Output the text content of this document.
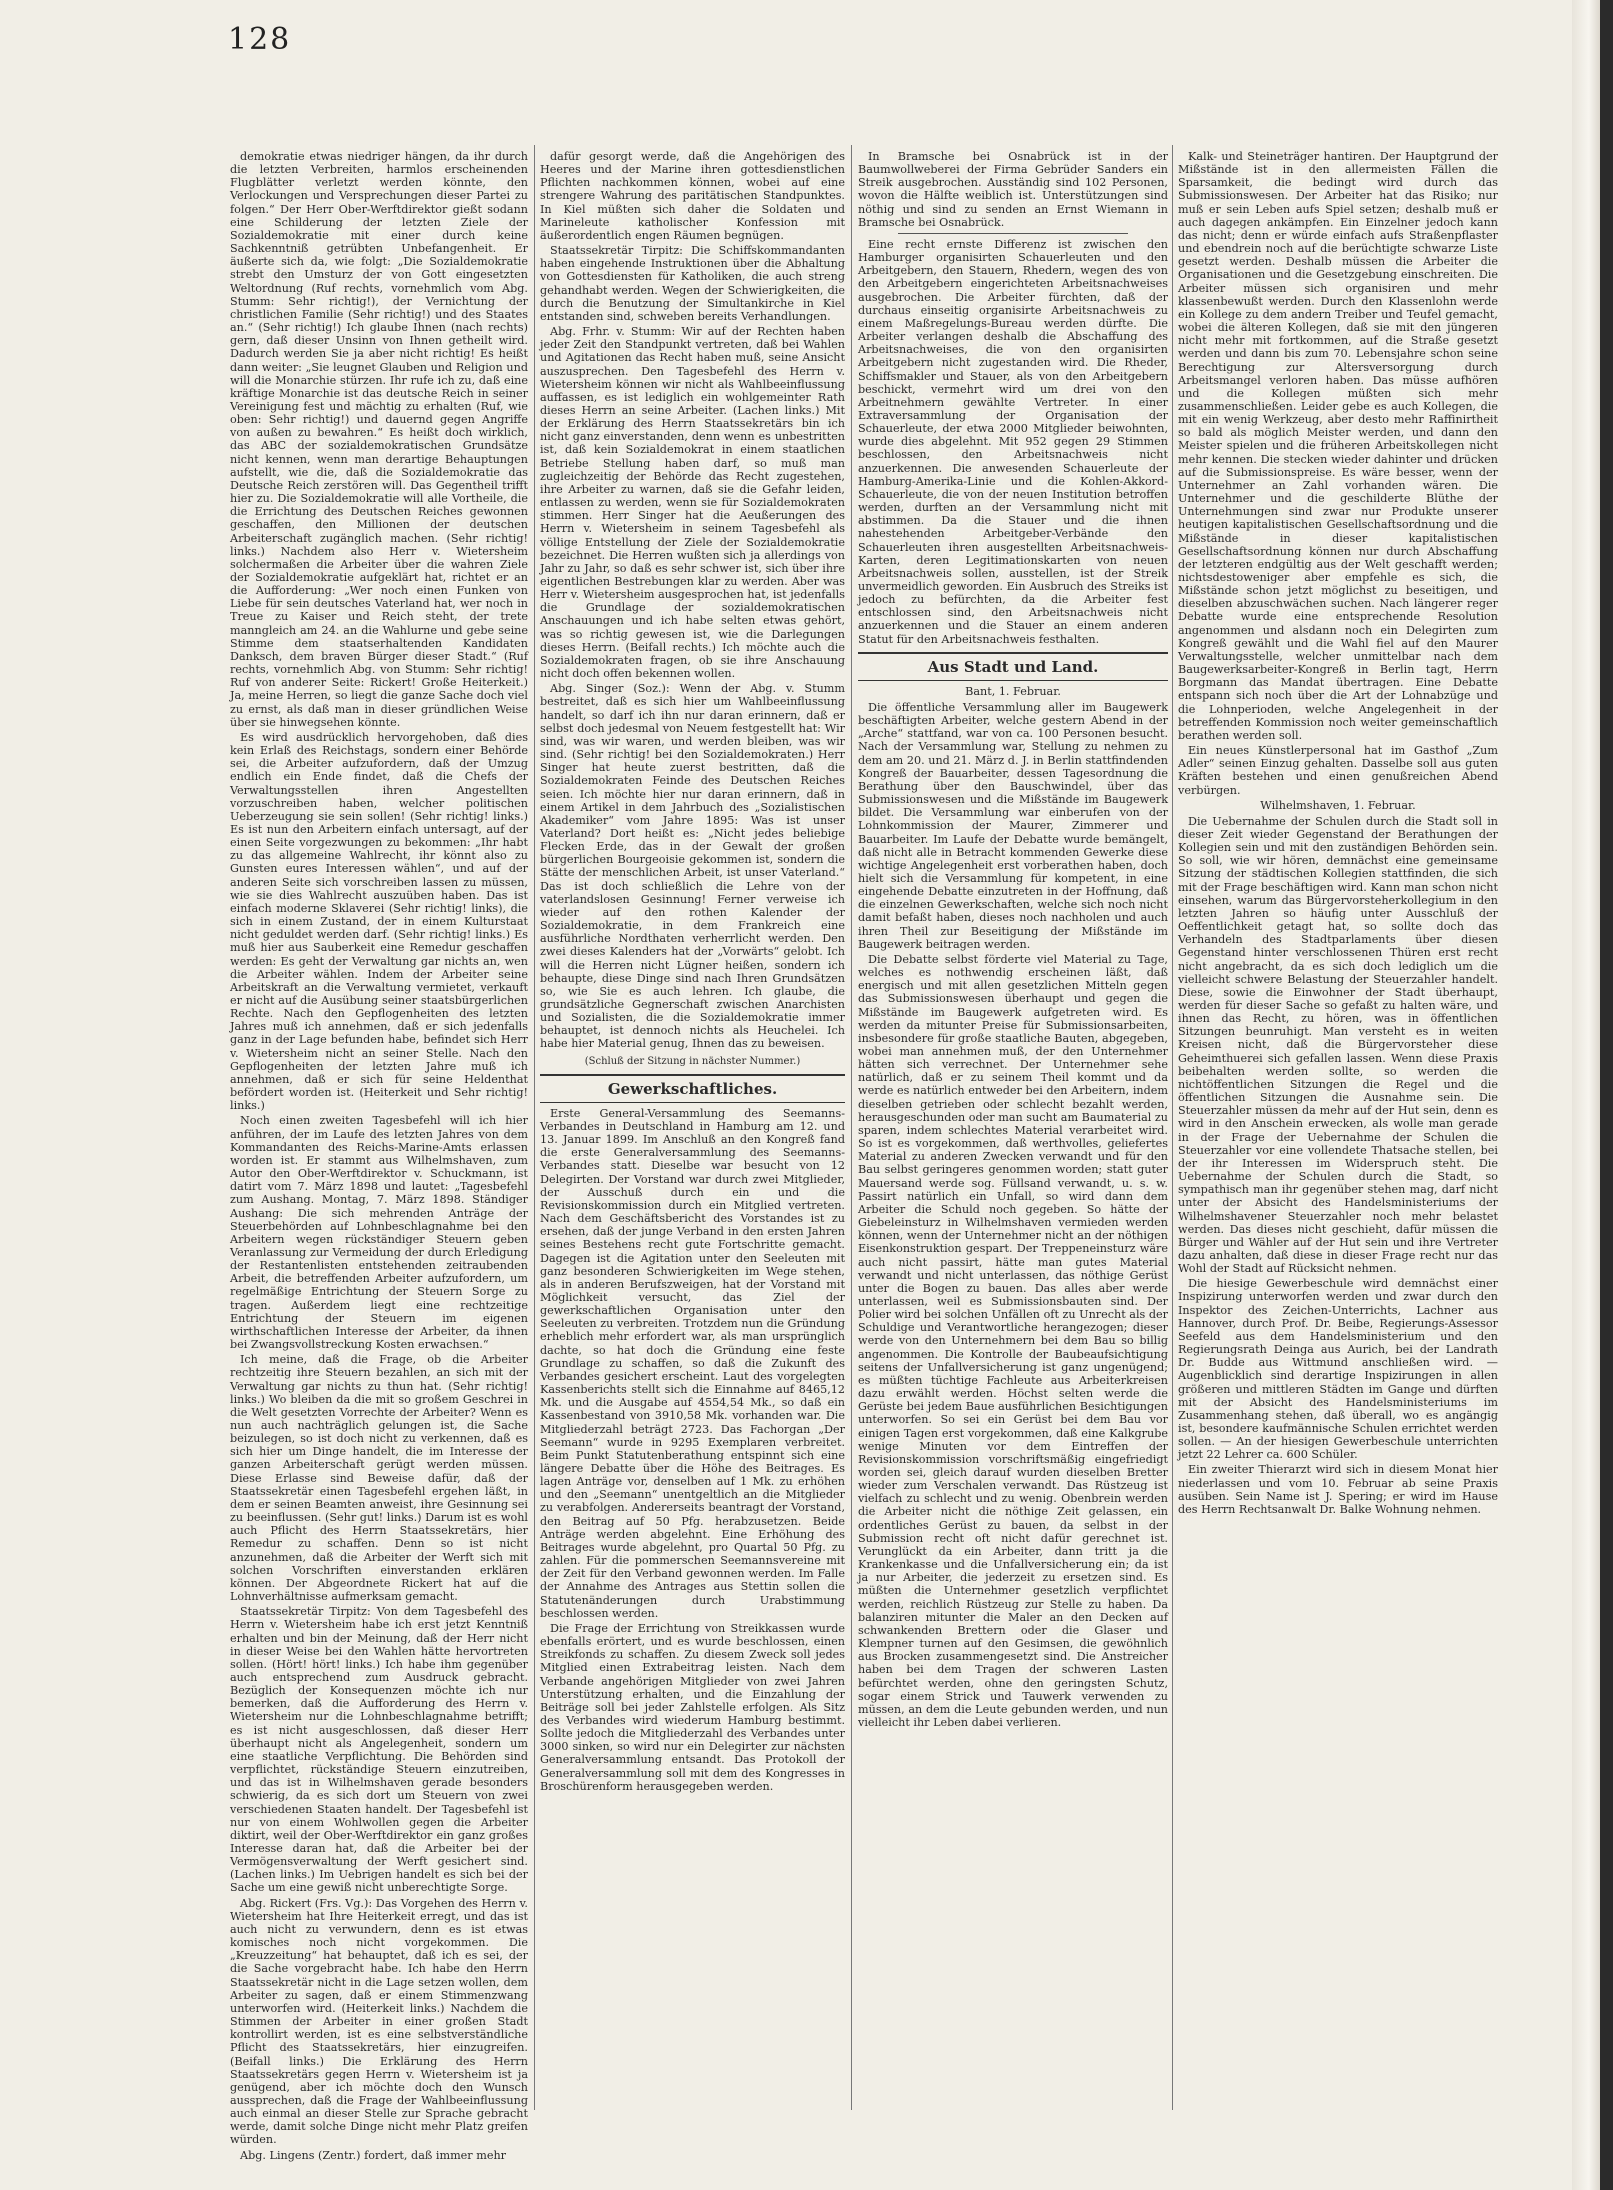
128

demokratie etwas niedriger hängen, da ihr durch die letzten Verbreiten, harmlos erscheinenden Flugblätter verletzt werden könnte, den Verlockungen und Versprechungen dieser Partei zu folgen.“ Der Herr Ober-Werftdirektor gießt sodann eine Schilderung der letzten Ziele der Sozialdemokratie mit einer durch keine Sachkenntniß getrübten Unbefangenheit. Er äußerte sich da, wie folgt: „Die Sozialdemokratie strebt den Umsturz der von Gott eingesetzten Weltordnung (Ruf rechts, vornehmlich vom Abg. Stumm: Sehr richtig!), der Vernichtung der christlichen Familie (Sehr richtig!) und des Staates an.“ (Sehr richtig!) Ich glaube Ihnen (nach rechts) gern, daß dieser Unsinn von Ihnen getheilt wird. Dadurch werden Sie ja aber nicht richtig! Es heißt dann weiter: „Sie leugnet Glauben und Religion und will die Monarchie stürzen. Ihr rufe ich zu, daß eine kräftige Monarchie ist das deutsche Reich in seiner Vereinigung fest und mächtig zu erhalten (Ruf, wie oben: Sehr richtig!) und dauernd gegen Angriffe von außen zu bewahren.“ Es heißt doch wirklich, das ABC der sozialdemokratischen Grundsätze nicht kennen, wenn man derartige Behauptungen aufstellt, wie die, daß die Sozialdemokratie das Deutsche Reich zerstören will. Das Gegentheil trifft hier zu. Die Sozialdemokratie will alle Vortheile, die die Errichtung des Deutschen Reiches gewonnen geschaffen, den Millionen der deutschen Arbeiterschaft zugänglich machen. (Sehr richtig! links.) Nachdem also Herr v. Wietersheim solchermaßen die Arbeiter über die wahren Ziele der Sozialdemokratie aufgeklärt hat, richtet er an die Aufforderung: „Wer noch einen Funken von Liebe für sein deutsches Vaterland hat, wer noch in Treue zu Kaiser und Reich steht, der trete manngleich am 24. an die Wahlurne und gebe seine Stimme dem staatserhaltenden Kandidaten Danksch, dem braven Bürger dieser Stadt.“ (Ruf rechts, vornehmlich Abg. von Stumm: Sehr richtig! Ruf von anderer Seite: Rickert! Große Heiterkeit.) Ja, meine Herren, so liegt die ganze Sache doch viel zu ernst, als daß man in dieser gründlichen Weise über sie hinwegsehen könnte.

Es wird ausdrücklich hervorgehoben, daß dies kein Erlaß des Reichstags, sondern einer Behörde sei, die Arbeiter aufzufordern, daß der Umzug endlich ein Ende findet, daß die Chefs der Verwaltungsstellen ihren Angestellten vorzuschreiben haben, welcher politischen Ueberzeugung sie sein sollen! (Sehr richtig! links.) Es ist nun den Arbeitern einfach untersagt, auf der einen Seite vorgezwungen zu bekommen: „Ihr habt zu das allgemeine Wahlrecht, ihr könnt also zu Gunsten eures Interessen wählen“, und auf der anderen Seite sich vorschreiben lassen zu müssen, wie sie dies Wahlrecht auszuüben haben. Das ist einfach moderne Sklaverei (Sehr richtig! links), die sich in einem Zustand, der in einem Kulturstaat nicht geduldet werden darf. (Sehr richtig! links.) Es muß hier aus Sauberkeit eine Remedur geschaffen werden: Es geht der Verwaltung gar nichts an, wen die Arbeiter wählen. Indem der Arbeiter seine Arbeitskraft an die Verwaltung vermietet, verkauft er nicht auf die Ausübung seiner staatsbürgerlichen Rechte. Nach den Gepflogenheiten des letzten Jahres muß ich annehmen, daß er sich jedenfalls ganz in der Lage befunden habe, befindet sich Herr v. Wietersheim nicht an seiner Stelle. Nach den Gepflogenheiten der letzten Jahre muß ich annehmen, daß er sich für seine Heldenthat befördert worden ist. (Heiterkeit und Sehr richtig! links.)

Noch einen zweiten Tagesbefehl will ich hier anführen, der im Laufe des letzten Jahres von dem Kommandanten des Reichs-Marine-Amts erlassen worden ist. Er stammt aus Wilhelmshaven, zum Autor den Ober-Werftdirektor v. Schuckmann, ist datirt vom 7. März 1898 und lautet: „Tagesbefehl zum Aushang. Montag, 7. März 1898. Ständiger Aushang: Die sich mehrenden Anträge der Steuerbehörden auf Lohnbeschlagnahme bei den Arbeitern wegen rückständiger Steuern geben Veranlassung zur Vermeidung der durch Erledigung der Restantenlisten entstehenden zeitraubenden Arbeit, die betreffenden Arbeiter aufzufordern, um regelmäßige Entrichtung der Steuern Sorge zu tragen. Außerdem liegt eine rechtzeitige Entrichtung der Steuern im eigenen wirthschaftlichen Interesse der Arbeiter, da ihnen bei Zwangsvollstreckung Kosten erwachsen.“

Ich meine, daß die Frage, ob die Arbeiter rechtzeitig ihre Steuern bezahlen, an sich mit der Verwaltung gar nichts zu thun hat. (Sehr richtig! links.) Wo bleiben da die mit so großem Geschrei in die Welt gesetzten Vorrechte der Arbeiter? Wenn es nun auch nachträglich gelungen ist, die Sache beizulegen, so ist doch nicht zu verkennen, daß es sich hier um Dinge handelt, die im Interesse der ganzen Arbeiterschaft gerügt werden müssen. Diese Erlasse sind Beweise dafür, daß der Staatssekretär einen Tagesbefehl ergehen läßt, in dem er seinen Beamten anweist, ihre Gesinnung sei zu beeinflussen. (Sehr gut! links.) Darum ist es wohl auch Pflicht des Herrn Staatssekretärs, hier Remedur zu schaffen. Denn so ist nicht anzunehmen, daß die Arbeiter der Werft sich mit solchen Vorschriften einverstanden erklären können. Der Abgeordnete Rickert hat auf die Lohnverhältnisse aufmerksam gemacht.

Staatssekretär Tirpitz: Von dem Tagesbefehl des Herrn v. Wietersheim habe ich erst jetzt Kenntniß erhalten und bin der Meinung, daß der Herr nicht in dieser Weise bei den Wahlen hätte hervortreten sollen. (Hört! hört! links.) Ich habe ihm gegenüber auch entsprechend zum Ausdruck gebracht. Bezüglich der Konsequenzen möchte ich nur bemerken, daß die Aufforderung des Herrn v. Wietersheim nur die Lohnbeschlagnahme betrifft; es ist nicht ausgeschlossen, daß dieser Herr überhaupt nicht als Angelegenheit, sondern um eine staatliche Verpflichtung. Die Behörden sind verpflichtet, rückständige Steuern einzutreiben, und das ist in Wilhelmshaven gerade besonders schwierig, da es sich dort um Steuern von zwei verschiedenen Staaten handelt. Der Tagesbefehl ist nur von einem Wohlwollen gegen die Arbeiter diktirt, weil der Ober-Werftdirektor ein ganz großes Interesse daran hat, daß die Arbeiter bei der Vermögensverwaltung der Werft gesichert sind. (Lachen links.) Im Uebrigen handelt es sich bei der Sache um eine gewiß nicht unberechtigte Sorge.

Abg. Rickert (Frs. Vg.): Das Vorgehen des Herrn v. Wietersheim hat Ihre Heiterkeit erregt, und das ist auch nicht zu verwundern, denn es ist etwas komisches noch nicht vorgekommen. Die „Kreuzzeitung“ hat behauptet, daß ich es sei, der die Sache vorgebracht habe. Ich habe den Herrn Staatssekretär nicht in die Lage setzen wollen, dem Arbeiter zu sagen, daß er einem Stimmenzwang unterworfen wird. (Heiterkeit links.) Nachdem die Stimmen der Arbeiter in einer großen Stadt kontrollirt werden, ist es eine selbstverständliche Pflicht des Staatssekretärs, hier einzugreifen. (Beifall links.) Die Erklärung des Herrn Staatssekretärs gegen Herrn v. Wietersheim ist ja genügend, aber ich möchte doch den Wunsch aussprechen, daß die Frage der Wahlbeeinflussung auch einmal an dieser Stelle zur Sprache gebracht werde, damit solche Dinge nicht mehr Platz greifen würden.

Abg. Lingens (Zentr.) fordert, daß immer mehr

dafür gesorgt werde, daß die Angehörigen des Heeres und der Marine ihren gottesdienstlichen Pflichten nachkommen können, wobei auf eine strengere Wahrung des paritätischen Standpunktes. In Kiel müßten sich daher die Soldaten und Marineleute katholischer Konfession mit äußerordentlich engen Räumen begnügen.

Staatssekretär Tirpitz: Die Schiffskommandanten haben eingehende Instruktionen über die Abhaltung von Gottesdiensten für Katholiken, die auch streng gehandhabt werden. Wegen der Schwierigkeiten, die durch die Benutzung der Simultankirche in Kiel entstanden sind, schweben bereits Verhandlungen.

Abg. Frhr. v. Stumm: Wir auf der Rechten haben jeder Zeit den Standpunkt vertreten, daß bei Wahlen und Agitationen das Recht haben muß, seine Ansicht auszusprechen. Den Tagesbefehl des Herrn v. Wietersheim können wir nicht als Wahlbeeinflussung auffassen, es ist lediglich ein wohlgemeinter Rath dieses Herrn an seine Arbeiter. (Lachen links.) Mit der Erklärung des Herrn Staatssekretärs bin ich nicht ganz einverstanden, denn wenn es unbestritten ist, daß kein Sozialdemokrat in einem staatlichen Betriebe Stellung haben darf, so muß man zugleichzeitig der Behörde das Recht zugestehen, ihre Arbeiter zu warnen, daß sie die Gefahr leiden, entlassen zu werden, wenn sie für Sozialdemokraten stimmen. Herr Singer hat die Aeußerungen des Herrn v. Wietersheim in seinem Tagesbefehl als völlige Entstellung der Ziele der Sozialdemokratie bezeichnet. Die Herren wußten sich ja allerdings von Jahr zu Jahr, so daß es sehr schwer ist, sich über ihre eigentlichen Bestrebungen klar zu werden. Aber was Herr v. Wietersheim ausgesprochen hat, ist jedenfalls die Grundlage der sozialdemokratischen Anschauungen und ich habe selten etwas gehört, was so richtig gewesen ist, wie die Darlegungen dieses Herrn. (Beifall rechts.) Ich möchte auch die Sozialdemokraten fragen, ob sie ihre Anschauung nicht doch offen bekennen wollen.

Abg. Singer (Soz.): Wenn der Abg. v. Stumm bestreitet, daß es sich hier um Wahlbeeinflussung handelt, so darf ich ihn nur daran erinnern, daß er selbst doch jedesmal von Neuem festgestellt hat: Wir sind, was wir waren, und werden bleiben, was wir sind. (Sehr richtig! bei den Sozialdemokraten.) Herr Singer hat heute zuerst bestritten, daß die Sozialdemokraten Feinde des Deutschen Reiches seien. Ich möchte hier nur daran erinnern, daß in einem Artikel in dem Jahrbuch des „Sozialistischen Akademiker“ vom Jahre 1895: Was ist unser Vaterland? Dort heißt es: „Nicht jedes beliebige Flecken Erde, das in der Gewalt der großen bürgerlichen Bourgeoisie gekommen ist, sondern die Stätte der menschlichen Arbeit, ist unser Vaterland.“ Das ist doch schließlich die Lehre von der vaterlandslosen Gesinnung! Ferner verweise ich wieder auf den rothen Kalender der Sozialdemokratie, in dem Frankreich eine ausführliche Nordthaten verherrlicht werden. Den zwei dieses Kalenders hat der „Vorwärts“ gelobt. Ich will die Herren nicht Lügner heißen, sondern ich behaupte, diese Dinge sind nach Ihren Grundsätzen so, wie Sie es auch lehren. Ich glaube, die grundsätzliche Gegnerschaft zwischen Anarchisten und Sozialisten, die die Sozialdemokratie immer behauptet, ist dennoch nichts als Heuchelei. Ich habe hier Material genug, Ihnen das zu beweisen.

(Schluß der Sitzung in nächster Nummer.)
Gewerkschaftliches.

Erste General-Versammlung des Seemanns-Verbandes in Deutschland in Hamburg am 12. und 13. Januar 1899. Im Anschluß an den Kongreß fand die erste Generalversammlung des Seemanns-Verbandes statt. Dieselbe war besucht von 12 Delegirten. Der Vorstand war durch zwei Mitglieder, der Ausschuß durch ein und die Revisionskommission durch ein Mitglied vertreten. Nach dem Geschäftsbericht des Vorstandes ist zu ersehen, daß der junge Verband in den ersten Jahren seines Bestehens recht gute Fortschritte gemacht. Dagegen ist die Agitation unter den Seeleuten mit ganz besonderen Schwierigkeiten im Wege stehen, als in anderen Berufszweigen, hat der Vorstand mit Möglichkeit versucht, das Ziel der gewerkschaftlichen Organisation unter den Seeleuten zu verbreiten. Trotzdem nun die Gründung erheblich mehr erfordert war, als man ursprünglich dachte, so hat doch die Gründung eine feste Grundlage zu schaffen, so daß die Zukunft des Verbandes gesichert erscheint. Laut des vorgelegten Kassenberichts stellt sich die Einnahme auf 8465,12 Mk. und die Ausgabe auf 4554,54 Mk., so daß ein Kassenbestand von 3910,58 Mk. vorhanden war. Die Mitgliederzahl beträgt 2723. Das Fachorgan „Der Seemann“ wurde in 9295 Exemplaren verbreitet. Beim Punkt Statutenberathung entspinnt sich eine längere Debatte über die Höhe des Beitrages. Es lagen Anträge vor, denselben auf 1 Mk. zu erhöhen und den „Seemann“ unentgeltlich an die Mitglieder zu verabfolgen. Andererseits beantragt der Vorstand, den Beitrag auf 50 Pfg. herabzusetzen. Beide Anträge werden abgelehnt. Eine Erhöhung des Beitrages wurde abgelehnt, pro Quartal 50 Pfg. zu zahlen. Für die pommerschen Seemannsvereine mit der Zeit für den Verband gewonnen werden. Im Falle der Annahme des Antrages aus Stettin sollen die Statutenänderungen durch Urabstimmung beschlossen werden.

Die Frage der Errichtung von Streikkassen wurde ebenfalls erörtert, und es wurde beschlossen, einen Streikfonds zu schaffen. Zu diesem Zweck soll jedes Mitglied einen Extrabeitrag leisten. Nach dem Verbande angehörigen Mitglieder von zwei Jahren Unterstützung erhalten, und die Einzahlung der Beiträge soll bei jeder Zahlstelle erfolgen. Als Sitz des Verbandes wird wiederum Hamburg bestimmt. Sollte jedoch die Mitgliederzahl des Verbandes unter 3000 sinken, so wird nur ein Delegirter zur nächsten Generalversammlung entsandt. Das Protokoll der Generalversammlung soll mit dem des Kongresses in Broschürenform herausgegeben werden.

In Bramsche bei Osnabrück ist in der Baumwollweberei der Firma Gebrüder Sanders ein Streik ausgebrochen. Ausständig sind 102 Personen, wovon die Hälfte weiblich ist. Unterstützungen sind nöthig und sind zu senden an Ernst Wiemann in Bramsche bei Osnabrück.

Eine recht ernste Differenz ist zwischen den Hamburger organisirten Schauerleuten und den Arbeitgebern, den Stauern, Rhedern, wegen des von den Arbeitgebern eingerichteten Arbeitsnachweises ausgebrochen. Die Arbeiter fürchten, daß der durchaus einseitig organisirte Arbeitsnachweis zu einem Maßregelungs-Bureau werden dürfte. Die Arbeiter verlangen deshalb die Abschaffung des Arbeitsnachweises, die von den organisirten Arbeitgebern nicht zugestanden wird. Die Rheder, Schiffsmakler und Stauer, als von den Arbeitgebern beschickt, vermehrt wird um drei von den Arbeitnehmern gewählte Vertreter. In einer Extraversammlung der Organisation der Schauerleute, der etwa 2000 Mitglieder beiwohnten, wurde dies abgelehnt. Mit 952 gegen 29 Stimmen beschlossen, den Arbeitsnachweis nicht anzuerkennen. Die anwesenden Schauerleute der Hamburg-Amerika-Linie und die Kohlen-Akkord-Schauerleute, die von der neuen Institution betroffen werden, durften an der Versammlung nicht mit abstimmen. Da die Stauer und die ihnen nahestehenden Arbeitgeber-Verbände den Schauerleuten ihren ausgestellten Arbeitsnachweis-Karten, deren Legitimationskarten von neuen Arbeitsnachweis sollen, ausstellen, ist der Streik unvermeidlich geworden. Ein Ausbruch des Streiks ist jedoch zu befürchten, da die Arbeiter fest entschlossen sind, den Arbeitsnachweis nicht anzuerkennen und die Stauer an einem anderen Statut für den Arbeitsnachweis festhalten.

Aus Stadt und Land.
Bant, 1. Februar.

Die öffentliche Versammlung aller im Baugewerk beschäftigten Arbeiter, welche gestern Abend in der „Arche“ stattfand, war von ca. 100 Personen besucht. Nach der Versammlung war, Stellung zu nehmen zu dem am 20. und 21. März d. J. in Berlin stattfindenden Kongreß der Bauarbeiter, dessen Tagesordnung die Berathung über den Bauschwindel, über das Submissionswesen und die Mißstände im Baugewerk bildet. Die Versammlung war einberufen von der Lohnkommission der Maurer, Zimmerer und Bauarbeiter. Im Laufe der Debatte wurde bemängelt, daß nicht alle in Betracht kommenden Gewerke diese wichtige Angelegenheit erst vorberathen haben, doch hielt sich die Versammlung für kompetent, in eine eingehende Debatte einzutreten in der Hoffnung, daß die einzelnen Gewerkschaften, welche sich noch nicht damit befaßt haben, dieses noch nachholen und auch ihren Theil zur Beseitigung der Mißstände im Baugewerk beitragen werden.

Die Debatte selbst förderte viel Material zu Tage, welches es nothwendig erscheinen läßt, daß energisch und mit allen gesetzlichen Mitteln gegen das Submissionswesen überhaupt und gegen die Mißstände im Baugewerk aufgetreten wird. Es werden da mitunter Preise für Submissionsarbeiten, insbesondere für große staatliche Bauten, abgegeben, wobei man annehmen muß, der den Unternehmer hätten sich verrechnet. Der Unternehmer sehe natürlich, daß er zu seinem Theil kommt und da werde es natürlich entweder bei den Arbeitern, indem dieselben getrieben oder schlecht bezahlt werden, herausgeschunden oder man sucht am Baumaterial zu sparen, indem schlechtes Material verarbeitet wird. So ist es vorgekommen, daß werthvolles, geliefertes Material zu anderen Zwecken verwandt und für den Bau selbst geringeres genommen worden; statt guter Mauersand werde sog. Füllsand verwandt, u. s. w. Passirt natürlich ein Unfall, so wird dann dem Arbeiter die Schuld noch gegeben. So hätte der Giebeleinsturz in Wilhelmshaven vermieden werden können, wenn der Unternehmer nicht an der nöthigen Eisenkonstruktion gespart. Der Treppeneinsturz wäre auch nicht passirt, hätte man gutes Material verwandt und nicht unterlassen, das nöthige Gerüst unter die Bogen zu bauen. Das alles aber werde unterlassen, weil es Submissionsbauten sind. Der Polier wird bei solchen Unfällen oft zu Unrecht als der Schuldige und Verantwortliche herangezogen; dieser werde von den Unternehmern bei dem Bau so billig angenommen. Die Kontrolle der Baubeaufsichtigung seitens der Unfallversicherung ist ganz ungenügend; es müßten tüchtige Fachleute aus Arbeiterkreisen dazu erwählt werden. Höchst selten werde die Gerüste bei jedem Baue ausführlichen Besichtigungen unterworfen. So sei ein Gerüst bei dem Bau vor einigen Tagen erst vorgekommen, daß eine Kalkgrube wenige Minuten vor dem Eintreffen der Revisionskommission vorschriftsmäßig eingefriedigt worden sei, gleich darauf wurden dieselben Bretter wieder zum Verschalen verwandt. Das Rüstzeug ist vielfach zu schlecht und zu wenig. Obenbrein werden die Arbeiter nicht die nöthige Zeit gelassen, ein ordentliches Gerüst zu bauen, da selbst in der Submission recht oft nicht dafür gerechnet ist. Verunglückt da ein Arbeiter, dann tritt ja die Krankenkasse und die Unfallversicherung ein; da ist ja nur Arbeiter, die jederzeit zu ersetzen sind. Es müßten die Unternehmer gesetzlich verpflichtet werden, reichlich Rüstzeug zur Stelle zu haben. Da balanziren mitunter die Maler an den Decken auf schwankenden Brettern oder die Glaser und Klempner turnen auf den Gesimsen, die gewöhnlich aus Brocken zusammengesetzt sind. Die Anstreicher haben bei dem Tragen der schweren Lasten befürchtet werden, ohne den geringsten Schutz, sogar einem Strick und Tauwerk verwenden zu müssen, an dem die Leute gebunden werden, und nun vielleicht ihr Leben dabei verlieren.

Kalk- und Steineträger hantiren. Der Hauptgrund der Mißstände ist in den allermeisten Fällen die Sparsamkeit, die bedingt wird durch das Submissionswesen. Der Arbeiter hat das Risiko; nur muß er sein Leben aufs Spiel setzen; deshalb muß er auch dagegen ankämpfen. Ein Einzelner jedoch kann das nicht; denn er würde einfach aufs Straßenpflaster und ebendrein noch auf die berüchtigte schwarze Liste gesetzt werden. Deshalb müssen die Arbeiter die Organisationen und die Gesetzgebung einschreiten. Die Arbeiter müssen sich organisiren und mehr klassenbewußt werden. Durch den Klassenlohn werde ein Kollege zu dem andern Treiber und Teufel gemacht, wobei die älteren Kollegen, daß sie mit den jüngeren nicht mehr mit fortkommen, auf die Straße gesetzt werden und dann bis zum 70. Lebensjahre schon seine Berechtigung zur Altersversorgung durch Arbeitsmangel verloren haben. Das müsse aufhören und die Kollegen müßten sich mehr zusammenschließen. Leider gebe es auch Kollegen, die mit ein wenig Werkzeug, aber desto mehr Raffinirtheit so bald als möglich Meister werden, und dann den Meister spielen und die früheren Arbeitskollegen nicht mehr kennen. Die stecken wieder dahinter und drücken auf die Submissionspreise. Es wäre besser, wenn der Unternehmer an Zahl vorhanden wären. Die Unternehmer und die geschilderte Blüthe der Unternehmungen sind zwar nur Produkte unserer heutigen kapitalistischen Gesellschaftsordnung und die Mißstände in dieser kapitalistischen Gesellschaftsordnung können nur durch Abschaffung der letzteren endgültig aus der Welt geschafft werden; nichtsdestoweniger aber empfehle es sich, die Mißstände schon jetzt möglichst zu beseitigen, und dieselben abzuschwächen suchen. Nach längerer reger Debatte wurde eine entsprechende Resolution angenommen und alsdann noch ein Delegirten zum Kongreß gewählt und die Wahl fiel auf den Maurer Verwaltungsstelle, welcher unmittelbar nach dem Baugewerksarbeiter-Kongreß in Berlin tagt, Herrn Borgmann das Mandat übertragen. Eine Debatte entspann sich noch über die Art der Lohnabzüge und die Lohnperioden, welche Angelegenheit in der betreffenden Kommission noch weiter gemeinschaftlich berathen werden soll.

Ein neues Künstlerpersonal hat im Gasthof „Zum Adler“ seinen Einzug gehalten. Dasselbe soll aus guten Kräften bestehen und einen genußreichen Abend verbürgen.

Wilhelmshaven, 1. Februar.

Die Uebernahme der Schulen durch die Stadt soll in dieser Zeit wieder Gegenstand der Berathungen der Kollegien sein und mit den zuständigen Behörden sein. So soll, wie wir hören, demnächst eine gemeinsame Sitzung der städtischen Kollegien stattfinden, die sich mit der Frage beschäftigen wird. Kann man schon nicht einsehen, warum das Bürgervorsteherkollegium in den letzten Jahren so häufig unter Ausschluß der Oeffentlichkeit getagt hat, so sollte doch das Verhandeln des Stadtparlaments über diesen Gegenstand hinter verschlossenen Thüren erst recht nicht angebracht, da es sich doch lediglich um die vielleicht schwere Belastung der Steuerzahler handelt. Diese, sowie die Einwohner der Stadt überhaupt, werden für dieser Sache so gefaßt zu halten wäre, und ihnen das Recht, zu hören, was in öffentlichen Sitzungen beunruhigt. Man versteht es in weiten Kreisen nicht, daß die Bürgervorsteher diese Geheimthuerei sich gefallen lassen. Wenn diese Praxis beibehalten werden sollte, so werden die nichtöffentlichen Sitzungen die Regel und die öffentlichen Sitzungen die Ausnahme sein. Die Steuerzahler müssen da mehr auf der Hut sein, denn es wird in den Anschein erwecken, als wolle man gerade in der Frage der Uebernahme der Schulen die Steuerzahler vor eine vollendete Thatsache stellen, bei der ihr Interessen im Widerspruch steht. Die Uebernahme der Schulen durch die Stadt, so sympathisch man ihr gegenüber stehen mag, darf nicht unter der Absicht des Handelsministeriums der Wilhelmshavener Steuerzahler noch mehr belastet werden. Das dieses nicht geschieht, dafür müssen die Bürger und Wähler auf der Hut sein und ihre Vertreter dazu anhalten, daß diese in dieser Frage recht nur das Wohl der Stadt auf Rücksicht nehmen.

Die hiesige Gewerbeschule wird demnächst einer Inspizirung unterworfen werden und zwar durch den Inspektor des Zeichen-Unterrichts, Lachner aus Hannover, durch Prof. Dr. Beibe, Regierungs-Assessor Seefeld aus dem Handelsministerium und den Regierungsrath Deinga aus Aurich, bei der Landrath Dr. Budde aus Wittmund anschließen wird. — Augenblicklich sind derartige Inspizirungen in allen größeren und mittleren Städten im Gange und dürften mit der Absicht des Handelsministeriums im Zusammenhang stehen, daß überall, wo es angängig ist, besondere kaufmännische Schulen errichtet werden sollen. — An der hiesigen Gewerbeschule unterrichten jetzt 22 Lehrer ca. 600 Schüler.

Ein zweiter Thierarzt wird sich in diesem Monat hier niederlassen und vom 10. Februar ab seine Praxis ausüben. Sein Name ist J. Spering; er wird im Hause des Herrn Rechtsanwalt Dr. Balke Wohnung nehmen.
